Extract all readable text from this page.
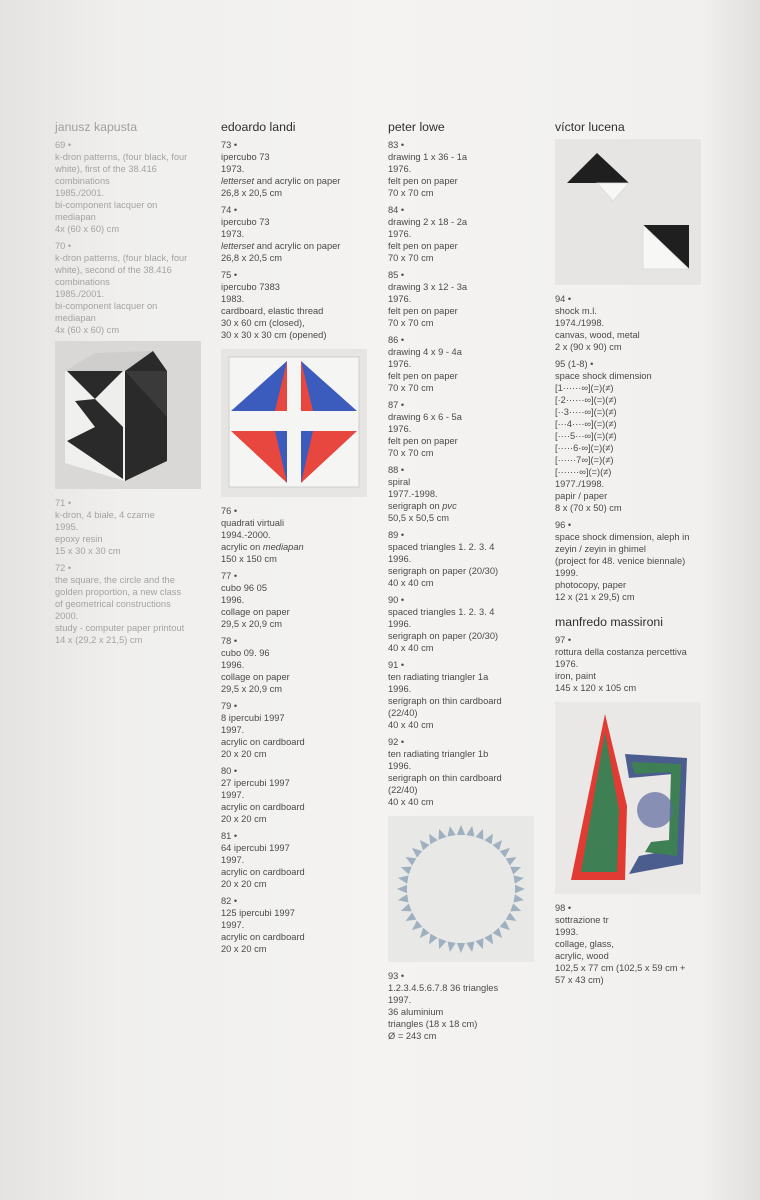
janusz kapusta
69 •
k-dron patterns, (four black, four
white), first of the 38.416
combinations
1985./2001.
bi-component lacquer on
mediapan
4x (60 x 60) cm
70 •
k-dron patterns, (four black, four
white), second of the 38.416
combinations
1985./2001.
bi-component lacquer on
mediapan
4x (60 x 60) cm
71 •
k-dron, 4 białe, 4 czarne
1995.
epoxy resin
15 x 30 x 30 cm
72 •
the square, the circle and the
golden proportion, a new class
of geometrical constructions
2000.
study - computer paper printout
14 x (29,2 x 21,5) cm
edoardo landi
73 •
ipercubo 73
1973.
letterset and acrylic on paper
26,8 x 20,5 cm
74 •
ipercubo 73
1973.
letterset and acrylic on paper
26,8 x 20,5 cm
75 •
ipercubo 7383
1983.
cardboard, elastic thread
30 x 60 cm (closed),
30 x 30 x 30 cm (opened)
76 •
quadrati virtuali
1994.-2000.
acrylic on mediapan
150 x 150 cm
77 •
cubo 96 05
1996.
collage on paper
29,5 x 20,9 cm
78 •
cubo 09. 96
1996.
collage on paper
29,5 x 20,9 cm
79 •
8 ipercubi 1997
1997.
acrylic on cardboard
20 x 20 cm
80 •
27 ipercubi 1997
1997.
acrylic on cardboard
20 x 20 cm
81 •
64 ipercubi 1997
1997.
acrylic on cardboard
20 x 20 cm
82 •
125 ipercubi 1997
1997.
acrylic on cardboard
20 x 20 cm
peter lowe
83 •
drawing 1 x 36 - 1a
1976.
felt pen on paper
70 x 70 cm
84 •
drawing 2 x 18 - 2a
1976.
felt pen on paper
70 x 70 cm
85 •
drawing 3 x 12 - 3a
1976.
felt pen on paper
70 x 70 cm
86 •
drawing 4 x 9 - 4a
1976.
felt pen on paper
70 x 70 cm
87 •
drawing 6 x 6 - 5a
1976.
felt pen on paper
70 x 70 cm
88 •
spiral
1977.-1998.
serigraph on pvc
50,5 x 50,5 cm
89 •
spaced triangles 1. 2. 3. 4
1996.
serigraph on paper (20/30)
40 x 40 cm
90 •
spaced triangles 1. 2. 3. 4
1996.
serigraph on paper (20/30)
40 x 40 cm
91 •
ten radiating triangler 1a
1996.
serigraph on thin cardboard
(22/40)
40 x 40 cm
92 •
ten radiating triangler 1b
1996.
serigraph on thin cardboard
(22/40)
40 x 40 cm
93 •
1.2.3.4.5.6.7.8 36 triangles
1997.
36 aluminium
triangles (18 x 18 cm)
Ø = 243 cm
víctor lucena
94 •
shock m.l.
1974./1998.
canvas, wood, metal
2 x (90 x 90) cm
95 (1-8) •
space shock dimension
[1······∞](=)(≠)
[·2······∞](=)(≠)
[··3·····∞](=)(≠)
[···4····∞](=)(≠)
[····5···∞](=)(≠)
[·····6·∞](=)(≠)
[······7∞](=)(≠)
[·······∞](=)(≠)
1977./1998.
papir / paper
8 x (70 x 50) cm
96 •
space shock dimension, aleph in
zeyin / zeyin in ghimel
(project for 48. venice biennale)
1999.
photocopy, paper
12 x (21 x 29,5) cm
manfredo massironi
97 •
rottura della costanza percettiva
1976.
iron, paint
145 x 120 x 105 cm
98 •
sottrazione tr
1993.
collage, glass,
acrylic, wood
102,5 x 77 cm (102,5 x 59 cm +
57 x 43 cm)
